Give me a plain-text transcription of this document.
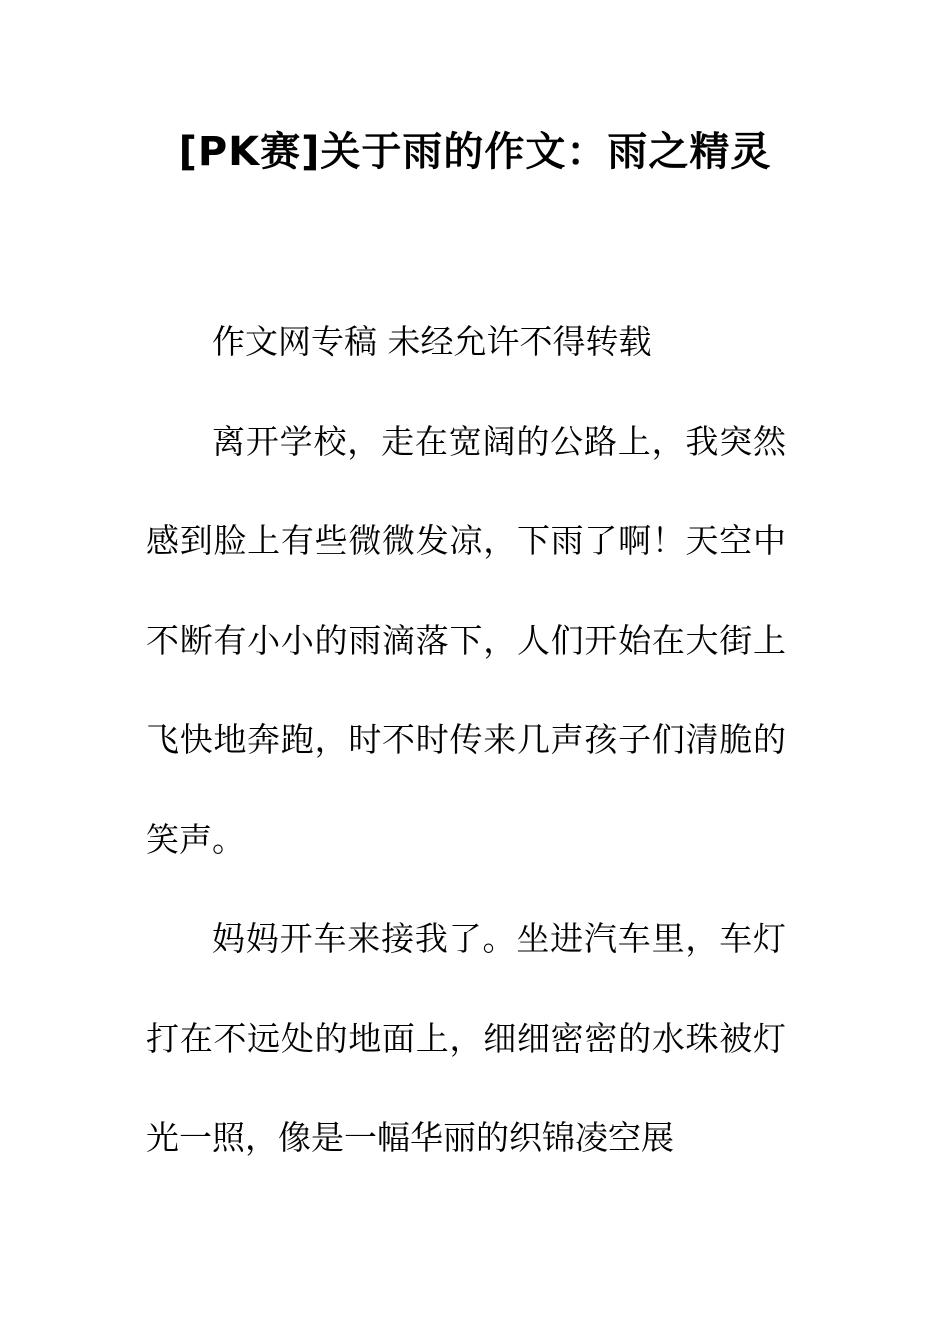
[PK赛]关于雨的作文：雨之精灵

作文网专稿 未经允许不得转载

离开学校，走在宽阔的公路上，我突然感到脸上有些微微发凉，下雨了啊！天空中不断有小小的雨滴落下，人们开始在大街上飞快地奔跑，时不时传来几声孩子们清脆的笑声。

妈妈开车来接我了。坐进汽车里，车灯打在不远处的地面上，细细密密的水珠被灯光一照，像是一幅华丽的织锦凌空展
